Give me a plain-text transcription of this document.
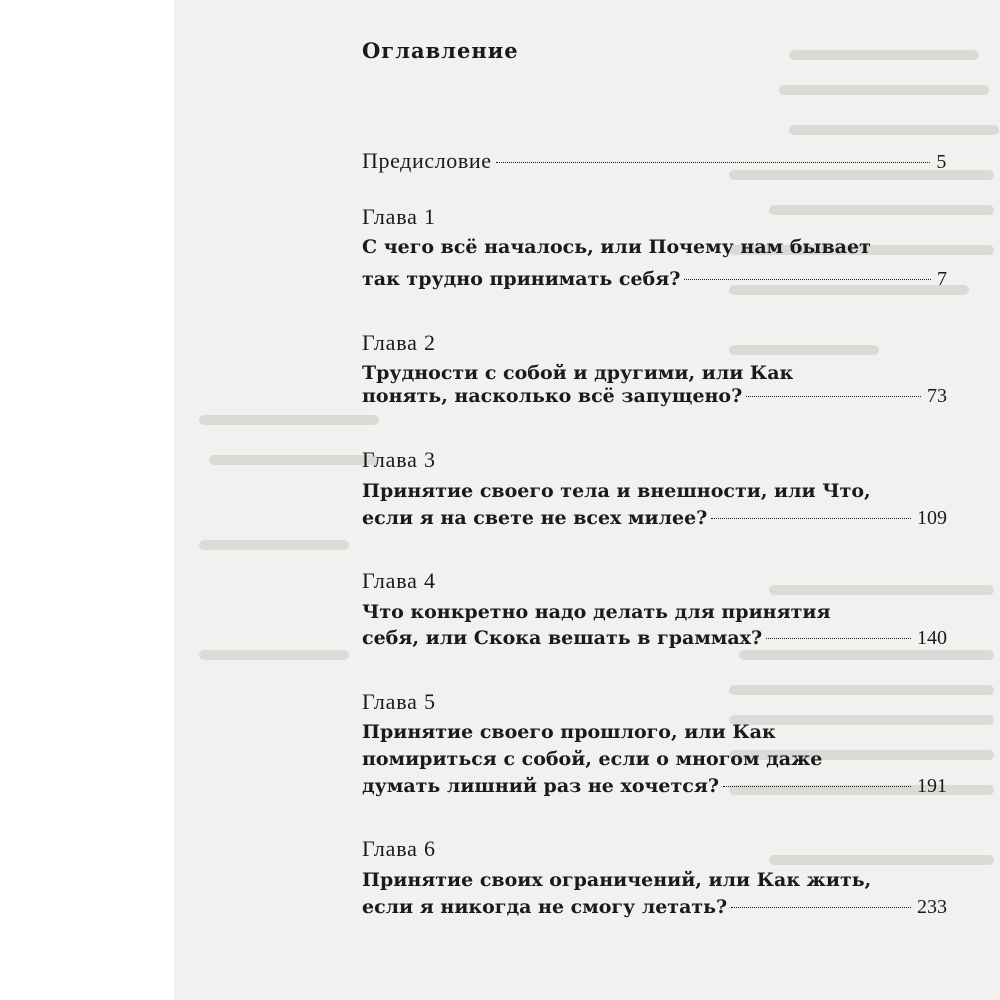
Оглавление
Предисловие	5
Глава 1
С чего всё началось, или Почему нам бывает
так трудно принимать себя?	7
Глава 2
Трудности с собой и другими, или Как
понять, насколько всё запущено?	73
Глава 3
Принятие своего тела и внешности, или Что,
если я на свете не всех милее?	109
Глава 4
Что конкретно надо делать для принятия
себя, или Скока вешать в граммах?	140
Глава 5
Принятие своего прошлого, или Как
помириться с собой, если о многом даже
думать лишний раз не хочется?	191
Глава 6
Принятие своих ограничений, или Как жить,
если я никогда не смогу летать?	233
